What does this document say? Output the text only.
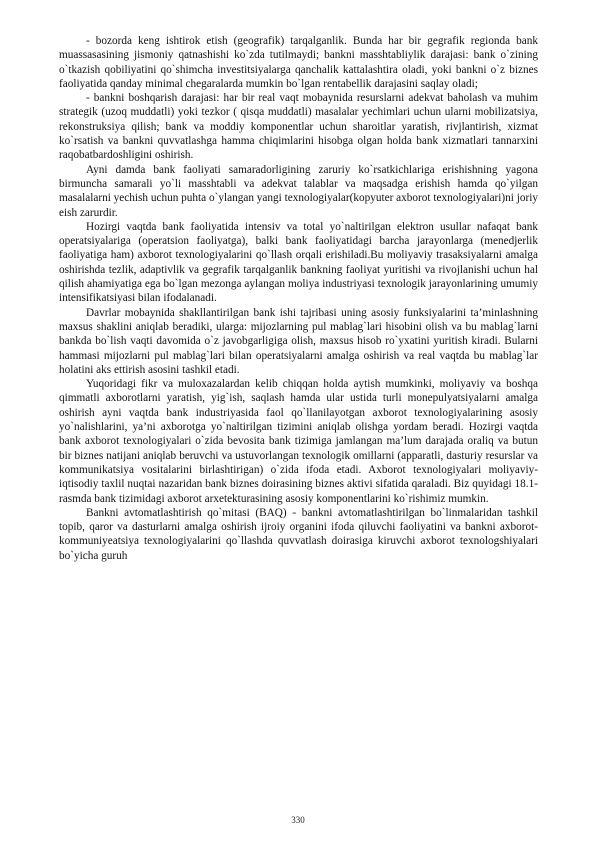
- bozorda keng ishtirok etish (geografik) tarqalganlik. Bunda har bir gegrafik regionda bank muassasasining jismoniy qatnashishi ko`zda tutilmaydi; bankni masshtabliylik darajasi: bank o`zining o`tkazish qobiliyatini qo`shimcha investitsiyalarga qanchalik kattalashtira oladi, yoki bankni o`z biznes faoliyatida qanday minimal chegaralarda mumkin bo`lgan rentabellik darajasini saqlay oladi;

- bankni boshqarish darajasi: har bir real vaqt mobaynida resurslarni adekvat baholash va muhim strategik (uzoq muddatli) yoki tezkor ( qisqa muddatli) masalalar yechimlari uchun ularni mobilizatsiya, rekonstruksiya qilish; bank va moddiy komponentlar uchun sharoitlar yaratish, rivjlantirish, xizmat ko`rsatish va bankni quvvatlashga hamma chiqimlarini hisobga olgan holda bank xizmatlari tannarxini raqobatbardoshligini oshirish.

Ayni damda bank faoliyati samaradorligining zaruriy ko`rsatkichlariga erishishning yagona birmuncha samarali yo`li masshtabli va adekvat talablar va maqsadga erishish hamda qo`yilgan masalalarni yechish uchun puhta o`ylangan yangi texnologiyalar(kopyuter axborot texnologiyalari)ni joriy eish zarurdir.

Hozirgi vaqtda bank faoliyatida intensiv va total yo`naltirilgan elektron usullar nafaqat bank operatsiyalariga (operatsion faoliyatga), balki bank faoliyatidagi barcha jarayonlarga (menedjerlik faoliyatiga ham) axborot texnologiyalarini qo`llash orqali erishiladi.Bu moliyaviy trasaksiyalarni amalga oshirishda tezlik, adaptivlik va gegrafik tarqalganlik bankning faoliyat yuritishi va rivojlanishi uchun hal qilish ahamiyatiga ega bo`lgan mezonga aylangan moliya industriyasi texnologik jarayonlarining umumiy intensifikatsiyasi bilan ifodalanadi.

Davrlar mobaynida shakllantirilgan bank ishi tajribasi uning asosiy funksiyalarini ta’minlashning maxsus shaklini aniqlab beradiki, ularga: mijozlarning pul mablag`lari hisobini olish va bu mablag`larni bankda bo`lish vaqti davomida o`z javobgarligiga olish, maxsus hisob ro`yxatini yuritish kiradi. Bularni hammasi mijozlarni pul mablag`lari bilan operatsiyalarni amalga oshirish va real vaqtda bu mablag`lar holatini aks ettirish asosini tashkil etadi.

Yuqoridagi fikr va muloxazalardan kelib chiqqan holda aytish mumkinki, moliyaviy va boshqa qimmatli axborotlarni yaratish, yig`ish, saqlash hamda ular ustida turli monepulyatsiyalarni amalga oshirish ayni vaqtda bank industriyasida faol qo`llanilayotgan axborot texnologiyalarining asosiy yo`nalishlarini, ya’ni axborotga yo`naltirilgan tizimini aniqlab olishga yordam beradi. Hozirgi vaqtda bank axborot texnologiyalari o`zida bevosita bank tizimiga jamlangan ma’lum darajada oraliq va butun bir biznes natijani aniqlab beruvchi va ustuvorlangan texnologik omillarni (apparatli, dasturiy resurslar va kommunikatsiya vositalarini birlashtirigan) o`zida ifoda etadi. Axborot texnologiyalari moliyaviy-iqtisodiy taxlil nuqtai nazaridan bank biznes doirasining biznes aktivi sifatida qaraladi. Biz quyidagi 18.1-rasmda bank tizimidagi axborot arxetekturasining asosiy komponentlarini ko`rishimiz mumkin.

Bankni avtomatlashtirish qo`mitasi (BAQ) - bankni avtomatlashtirilgan bo`linmalaridan tashkil topib, qaror va dasturlarni amalga oshirish ijroiy organini ifoda qiluvchi faoliyatini va bankni axborot-kommuniyeatsiya texnologiyalarini qo`llashda quvvatlash doirasiga kiruvchi axborot texnologshiyalari bo`yicha guruh

330
